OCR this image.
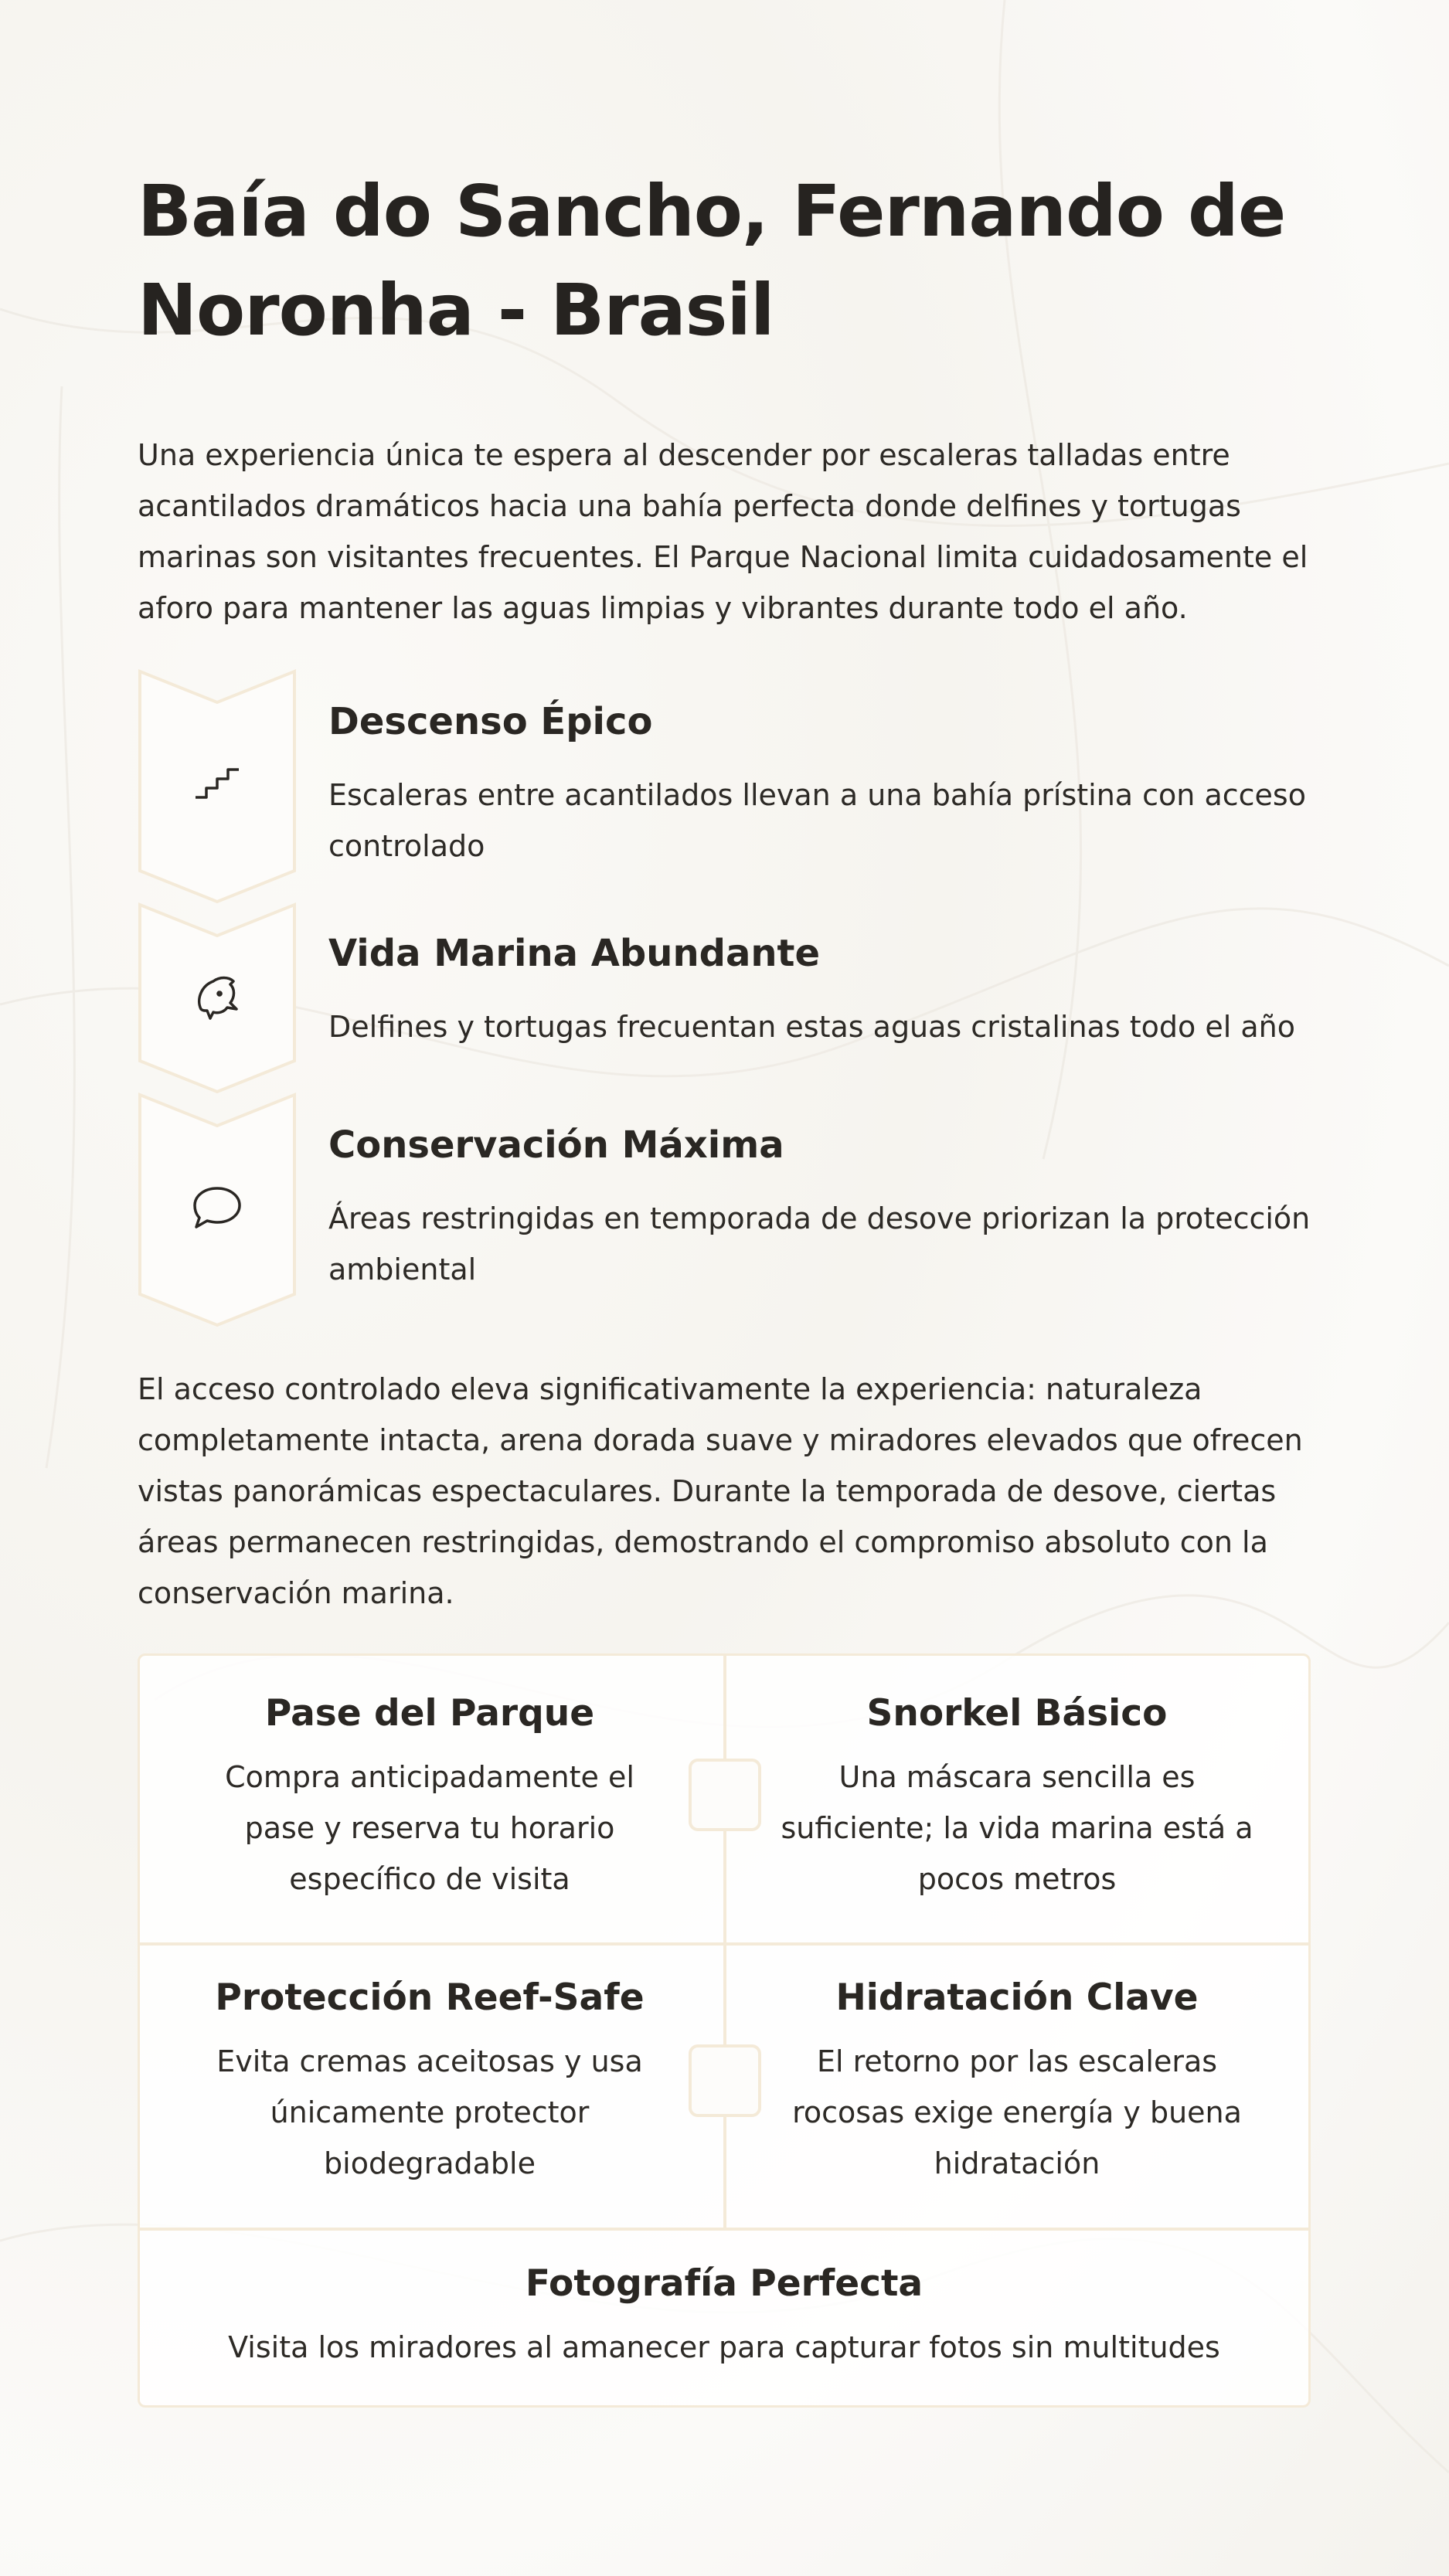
Baía do Sancho, Fernando de Noronha - Brasil

Una experiencia única te espera al descender por escaleras talladas entre acantilados dramáticos hacia una bahía perfecta donde delfines y tortugas marinas son visitantes frecuentes. El Parque Nacional limita cuidadosamente el aforo para mantener las aguas limpias y vibrantes durante todo el año.

Descenso Épico

Escaleras entre acantilados llevan a una bahía prístina con acceso controlado

Vida Marina Abundante

Delfines y tortugas frecuentan estas aguas cristalinas todo el año

Conservación Máxima

Áreas restringidas en temporada de desove priorizan la protección ambiental

El acceso controlado eleva significativamente la experiencia: naturaleza completamente intacta, arena dorada suave y miradores elevados que ofrecen vistas panorámicas espectaculares. Durante la temporada de desove, ciertas áreas permanecen restringidas, demostrando el compromiso absoluto con la conservación marina.

Pase del Parque
Compra anticipadamente el pase y reserva tu horario específico de visita
Snorkel Básico
Una máscara sencilla es suficiente; la vida marina está a pocos metros
Protección Reef-Safe
Evita cremas aceitosas y usa únicamente protector biodegradable
Hidratación Clave
El retorno por las escaleras rocosas exige energía y buena hidratación
Fotografía Perfecta
Visita los miradores al amanecer para capturar fotos sin multitudes
